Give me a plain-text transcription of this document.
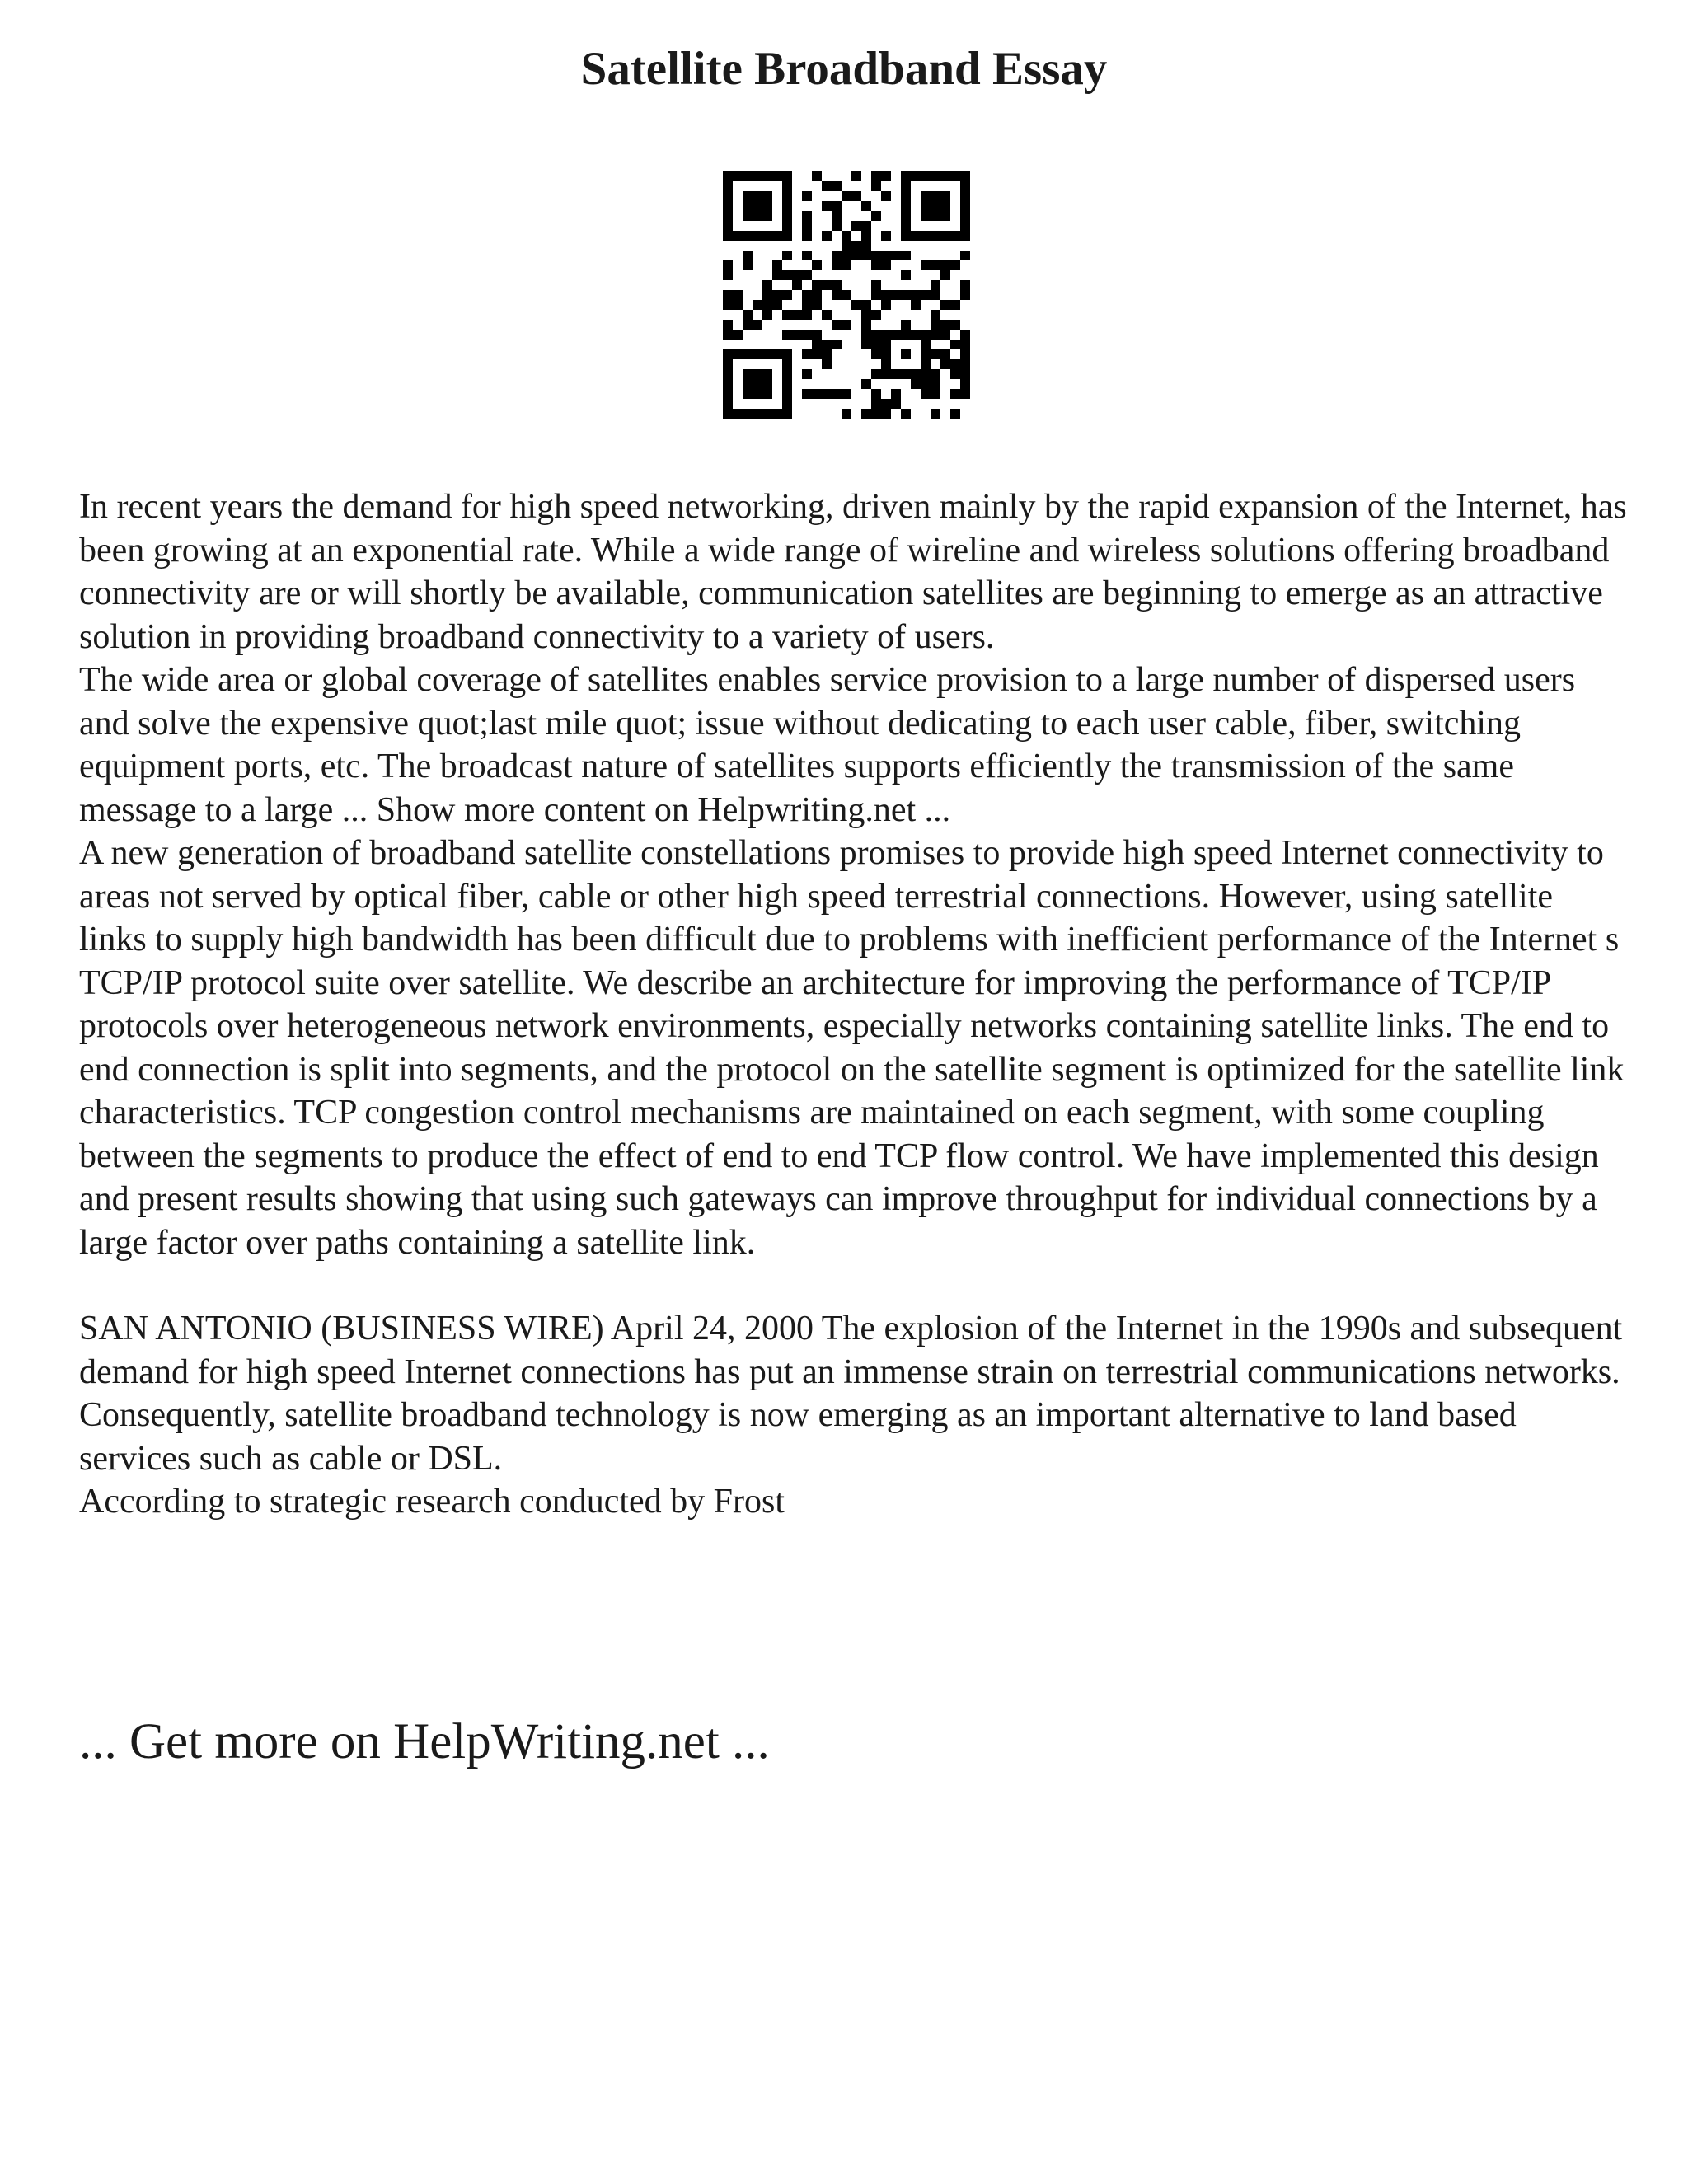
Satellite Broadband Essay

In recent years the demand for high speed networking, driven mainly by the rapid expansion of the Internet, has been growing at an exponential rate. While a wide range of wireline and wireless solutions offering broadband connectivity are or will shortly be available, communication satellites are beginning to emerge as an attractive solution in providing broadband connectivity to a variety of users.

The wide area or global coverage of satellites enables service provision to a large number of dispersed users and solve the expensive quot;last mile quot; issue without dedicating to each user cable, fiber, switching equipment ports, etc. The broadcast nature of satellites supports efficiently the transmission of the same message to a large ... Show more content on Helpwriting.net ...

A new generation of broadband satellite constellations promises to provide high speed Internet connectivity to areas not served by optical fiber, cable or other high speed terrestrial connections. However, using satellite links to supply high bandwidth has been difficult due to problems with inefficient performance of the Internet s TCP/IP protocol suite over satellite. We describe an architecture for improving the performance of TCP/IP protocols over heterogeneous network environments, especially networks containing satellite links. The end to end connection is split into segments, and the protocol on the satellite segment is optimized for the satellite link characteristics. TCP congestion control mechanisms are maintained on each segment, with some coupling between the segments to produce the effect of end to end TCP flow control. We have implemented this design and present results showing that using such gateways can improve throughput for individual connections by a large factor over paths containing a satellite link.

SAN ANTONIO (BUSINESS WIRE) April 24, 2000 The explosion of the Internet in the 1990s and subsequent demand for high speed Internet connections has put an immense strain on terrestrial communications networks.

Consequently, satellite broadband technology is now emerging as an important alternative to land based services such as cable or DSL.

According to strategic research conducted by Frost

... Get more on HelpWriting.net ...
